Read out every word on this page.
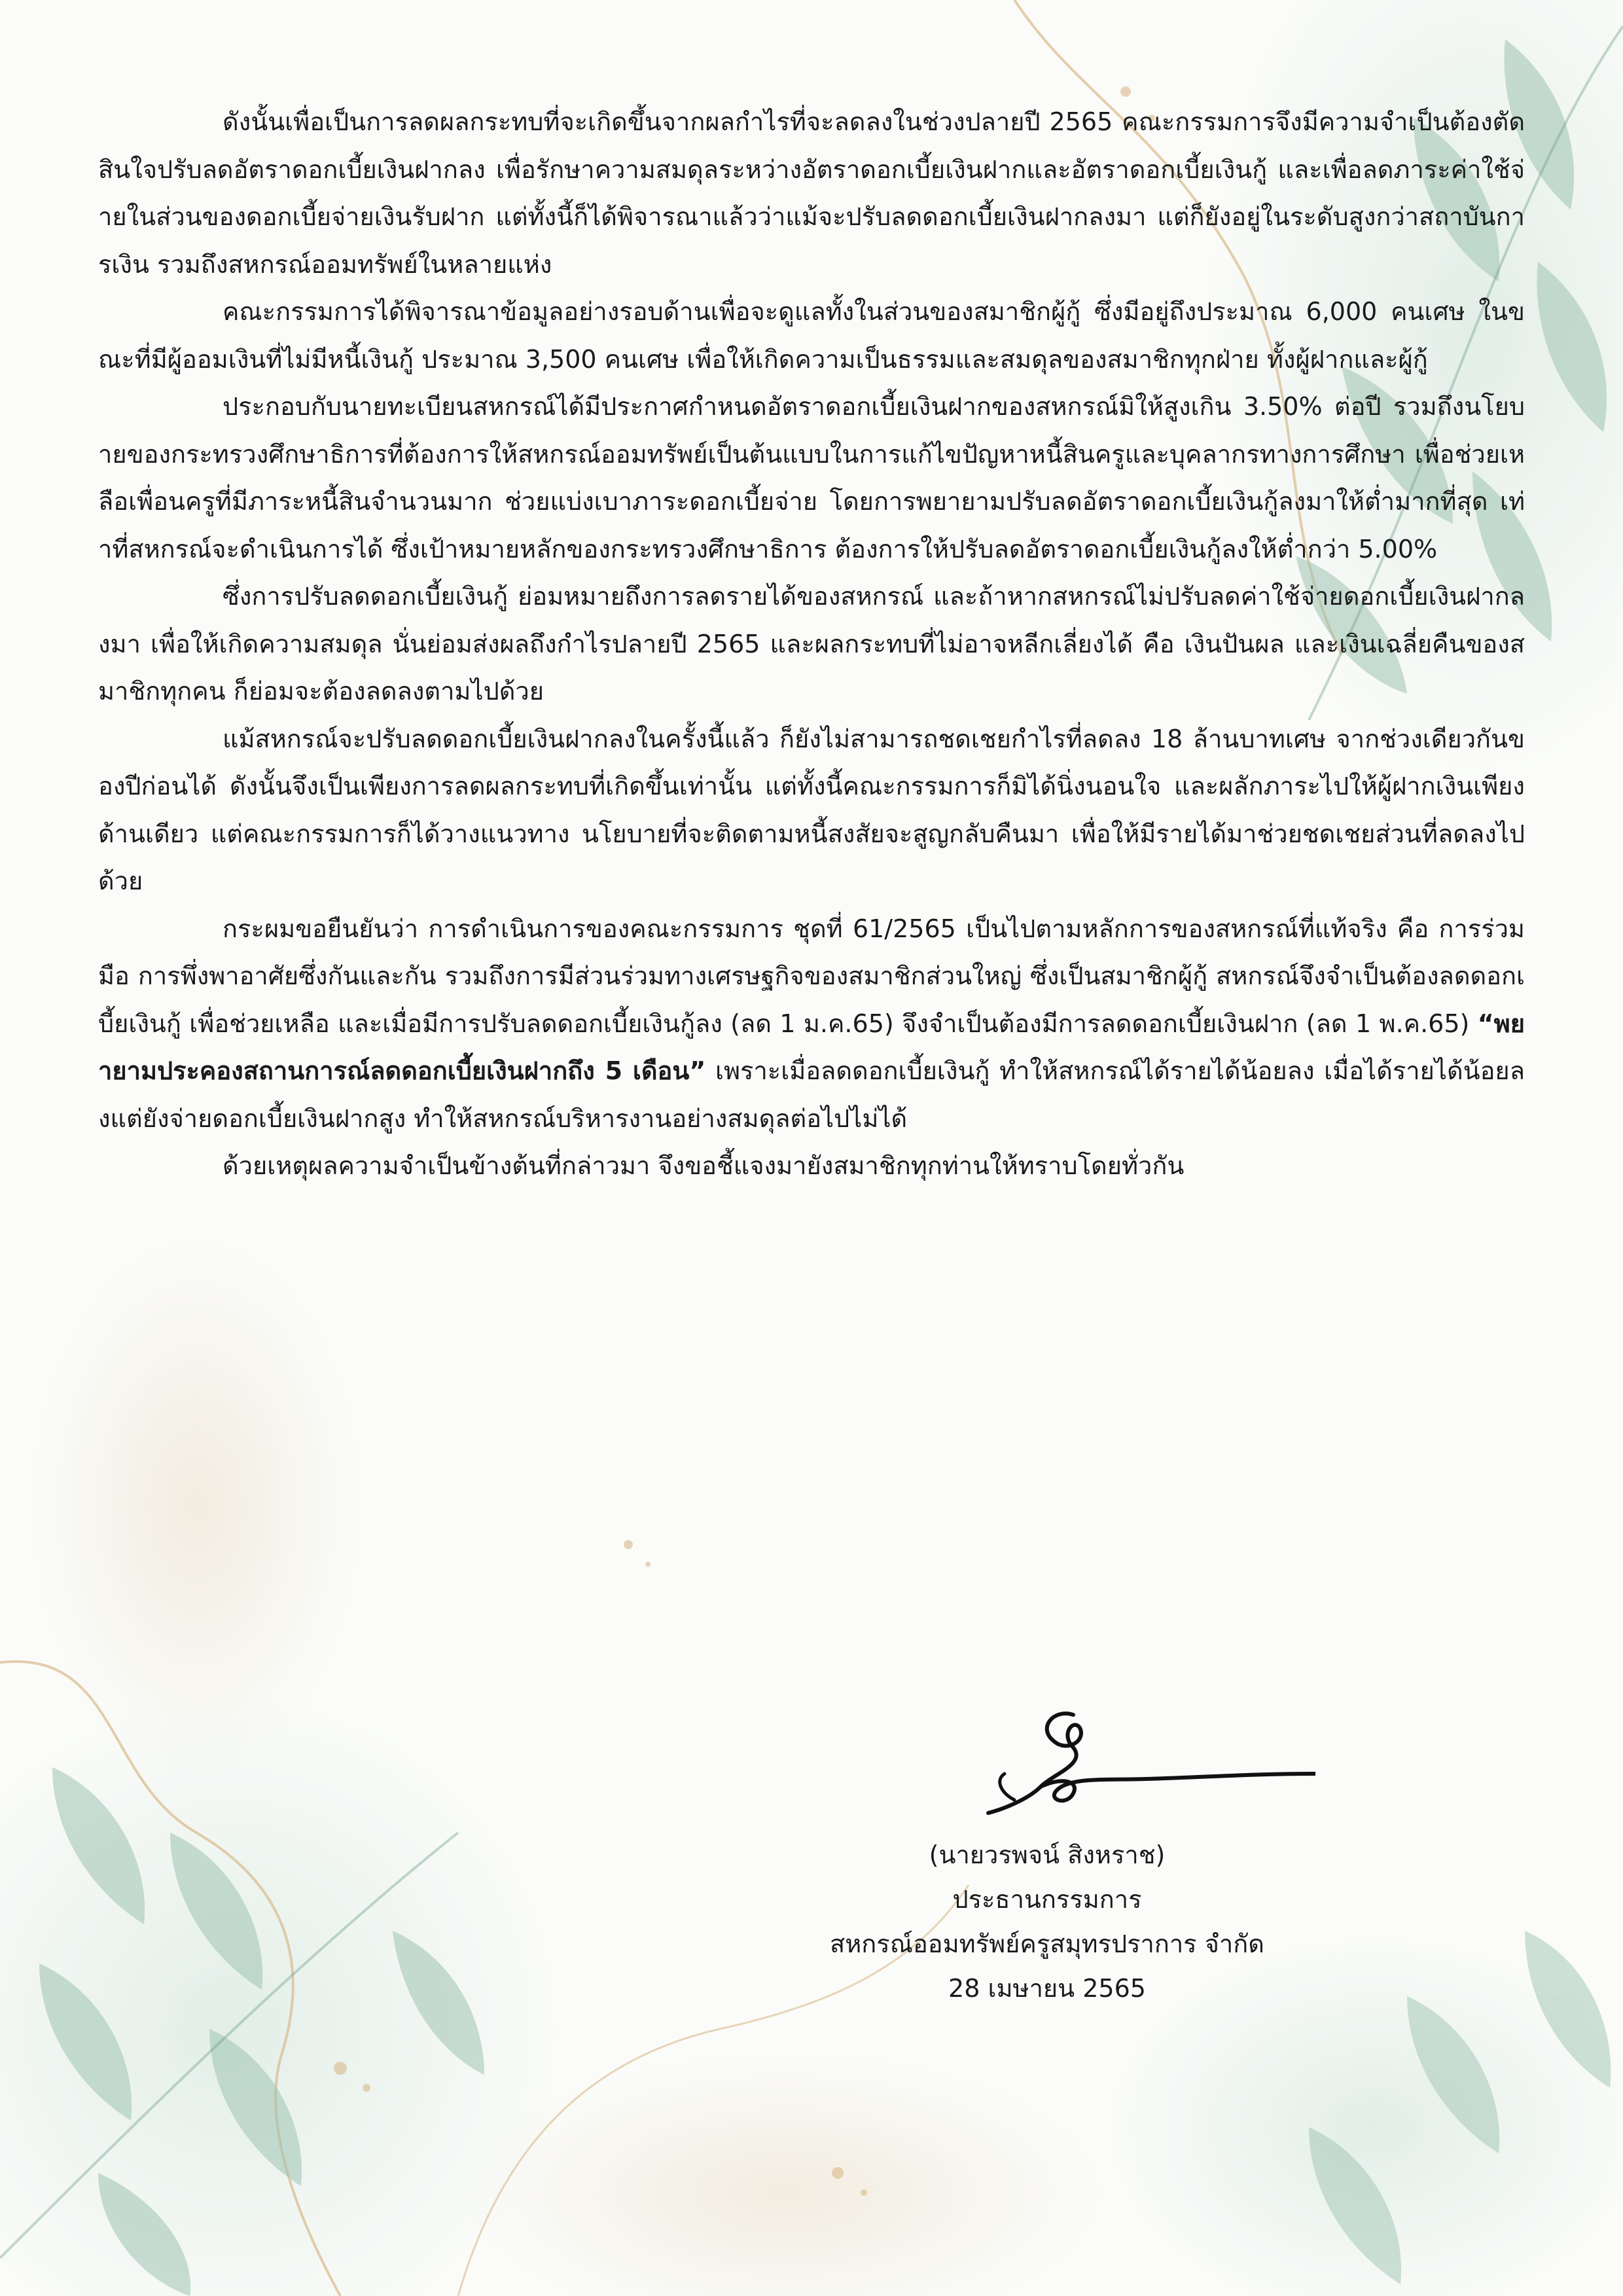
ดังนั้นเพื่อเป็นการลดผลกระทบที่จะเกิดขึ้นจากผลกำไรที่จะลดลงในช่วงปลายปี 2565 คณะกรรมการจึงมีความจำเป็นต้องตัดสินใจปรับลดอัตราดอกเบี้ยเงินฝากลง เพื่อรักษาความสมดุลระหว่างอัตราดอกเบี้ยเงินฝากและอัตราดอกเบี้ยเงินกู้ และเพื่อลดภาระค่าใช้จ่ายในส่วนของดอกเบี้ยจ่ายเงินรับฝาก แต่ทั้งนี้ก็ได้พิจารณาแล้วว่าแม้จะปรับลดดอกเบี้ยเงินฝากลงมา แต่ก็ยังอยู่ในระดับสูงกว่าสถาบันการเงิน รวมถึงสหกรณ์ออมทรัพย์ในหลายแห่ง

คณะกรรมการได้พิจารณาข้อมูลอย่างรอบด้านเพื่อจะดูแลทั้งในส่วนของสมาชิกผู้กู้ ซึ่งมีอยู่ถึงประมาณ 6,000 คนเศษ ในขณะที่มีผู้ออมเงินที่ไม่มีหนี้เงินกู้ ประมาณ 3,500 คนเศษ เพื่อให้เกิดความเป็นธรรมและสมดุลของสมาชิกทุกฝ่าย ทั้งผู้ฝากและผู้กู้

ประกอบกับนายทะเบียนสหกรณ์ได้มีประกาศกำหนดอัตราดอกเบี้ยเงินฝากของสหกรณ์มิให้สูงเกิน 3.50% ต่อปี รวมถึงนโยบายของกระทรวงศึกษาธิการที่ต้องการให้สหกรณ์ออมทรัพย์เป็นต้นแบบในการแก้ไขปัญหาหนี้สินครูและบุคลากรทางการศึกษา เพื่อช่วยเหลือเพื่อนครูที่มีภาระหนี้สินจำนวนมาก ช่วยแบ่งเบาภาระดอกเบี้ยจ่าย โดยการพยายามปรับลดอัตราดอกเบี้ยเงินกู้ลงมาให้ต่ำมากที่สุด เท่าที่สหกรณ์จะดำเนินการได้ ซึ่งเป้าหมายหลักของกระทรวงศึกษาธิการ ต้องการให้ปรับลดอัตราดอกเบี้ยเงินกู้ลงให้ต่ำกว่า 5.00%

ซึ่งการปรับลดดอกเบี้ยเงินกู้ ย่อมหมายถึงการลดรายได้ของสหกรณ์ และถ้าหากสหกรณ์ไม่ปรับลดค่าใช้จ่ายดอกเบี้ยเงินฝากลงมา เพื่อให้เกิดความสมดุล นั่นย่อมส่งผลถึงกำไรปลายปี 2565 และผลกระทบที่ไม่อาจหลีกเลี่ยงได้ คือ เงินปันผล และเงินเฉลี่ยคืนของสมาชิกทุกคน ก็ย่อมจะต้องลดลงตามไปด้วย

แม้สหกรณ์จะปรับลดดอกเบี้ยเงินฝากลงในครั้งนี้แล้ว ก็ยังไม่สามารถชดเชยกำไรที่ลดลง 18 ล้านบาทเศษ จากช่วงเดียวกันของปีก่อนได้ ดังนั้นจึงเป็นเพียงการลดผลกระทบที่เกิดขึ้นเท่านั้น แต่ทั้งนี้คณะกรรมการก็มิได้นิ่งนอนใจ และผลักภาระไปให้ผู้ฝากเงินเพียงด้านเดียว แต่คณะกรรมการก็ได้วางแนวทาง นโยบายที่จะติดตามหนี้สงสัยจะสูญกลับคืนมา เพื่อให้มีรายได้มาช่วยชดเชยส่วนที่ลดลงไปด้วย

กระผมขอยืนยันว่า การดำเนินการของคณะกรรมการ ชุดที่ 61/2565 เป็นไปตามหลักการของสหกรณ์ที่แท้จริง คือ การร่วมมือ การพึ่งพาอาศัยซึ่งกันและกัน รวมถึงการมีส่วนร่วมทางเศรษฐกิจของสมาชิกส่วนใหญ่ ซึ่งเป็นสมาชิกผู้กู้ สหกรณ์จึงจำเป็นต้องลดดอกเบี้ยเงินกู้ เพื่อช่วยเหลือ และเมื่อมีการปรับลดดอกเบี้ยเงินกู้ลง (ลด 1 ม.ค.65) จึงจำเป็นต้องมีการลดดอกเบี้ยเงินฝาก (ลด 1 พ.ค.65) “พยายามประคองสถานการณ์ลดดอกเบี้ยเงินฝากถึง 5 เดือน” เพราะเมื่อลดดอกเบี้ยเงินกู้ ทำให้สหกรณ์ได้รายได้น้อยลง เมื่อได้รายได้น้อยลงแต่ยังจ่ายดอกเบี้ยเงินฝากสูง ทำให้สหกรณ์บริหารงานอย่างสมดุลต่อไปไม่ได้

ด้วยเหตุผลความจำเป็นข้างต้นที่กล่าวมา จึงขอชี้แจงมายังสมาชิกทุกท่านให้ทราบโดยทั่วกัน

(นายวรพจน์ สิงหราช)
ประธานกรรมการ
สหกรณ์ออมทรัพย์ครูสมุทรปราการ จำกัด
28 เมษายน 2565
